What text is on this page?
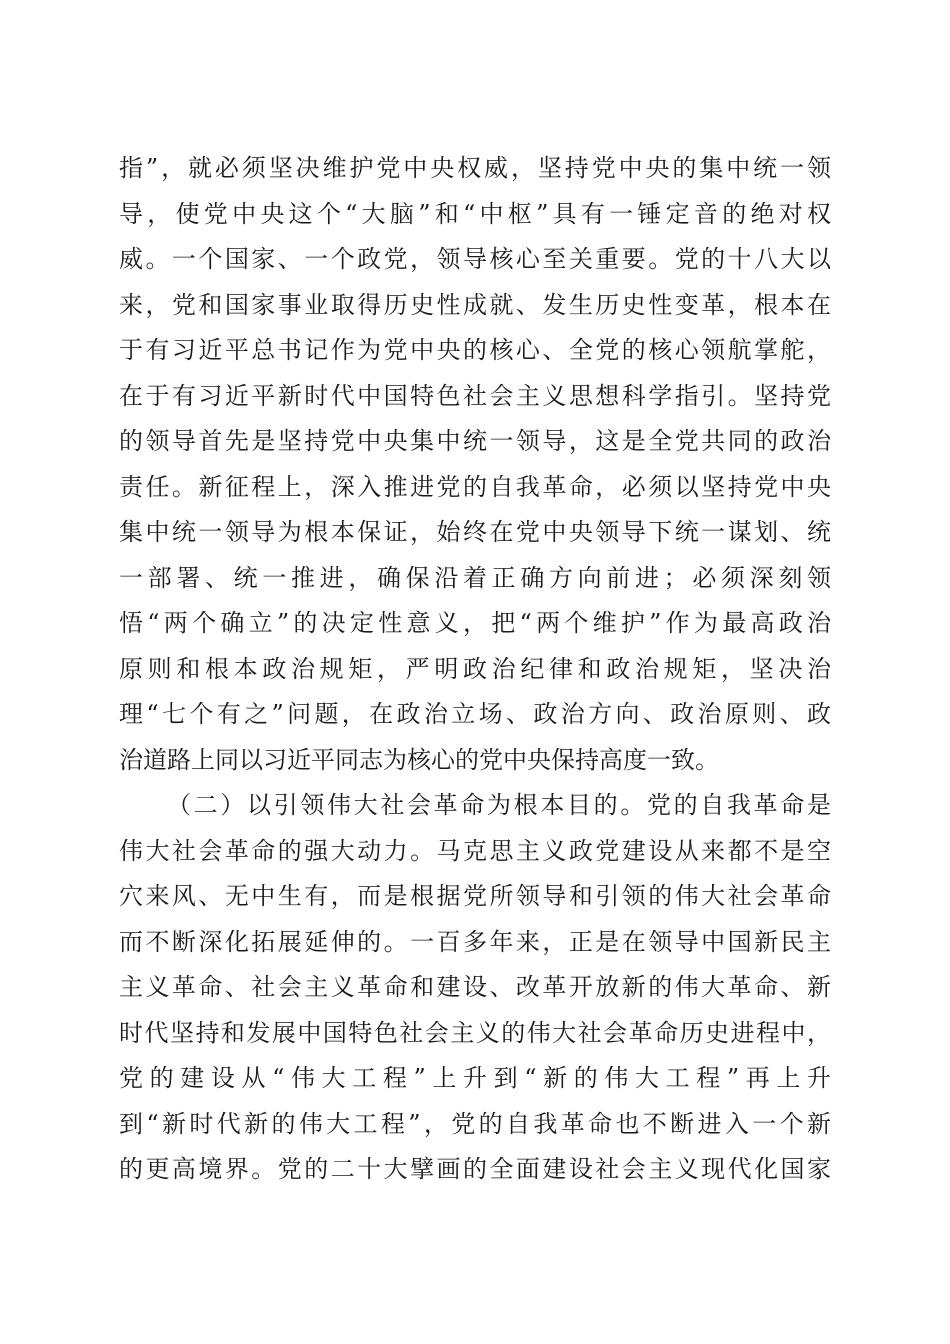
指”，就必须坚决维护党中央权威，坚持党中央的集中统一领
导，使党中央这个“大脑”和“中枢”具有一锤定音的绝对权
威。一个国家、一个政党，领导核心至关重要。党的十八大以
来，党和国家事业取得历史性成就、发生历史性变革，根本在
于有习近平总书记作为党中央的核心、全党的核心领航掌舵，
在于有习近平新时代中国特色社会主义思想科学指引。坚持党
的领导首先是坚持党中央集中统一领导，这是全党共同的政治
责任。新征程上，深入推进党的自我革命，必须以坚持党中央
集中统一领导为根本保证，始终在党中央领导下统一谋划、统
一部署、统一推进，确保沿着正确方向前进；必须深刻领
悟“两个确立”的决定性意义，把“两个维护”作为最高政治
原则和根本政治规矩，严明政治纪律和政治规矩，坚决治
理“七个有之”问题，在政治立场、政治方向、政治原则、政
治道路上同以习近平同志为核心的党中央保持高度一致。
（二）以引领伟大社会革命为根本目的。党的自我革命是
伟大社会革命的强大动力。马克思主义政党建设从来都不是空
穴来风、无中生有，而是根据党所领导和引领的伟大社会革命
而不断深化拓展延伸的。一百多年来，正是在领导中国新民主
主义革命、社会主义革命和建设、改革开放新的伟大革命、新
时代坚持和发展中国特色社会主义的伟大社会革命历史进程中，
党的建设从“伟大工程”上升到“新的伟大工程”再上升
到“新时代新的伟大工程”，党的自我革命也不断进入一个新
的更高境界。党的二十大擘画的全面建设社会主义现代化国家
